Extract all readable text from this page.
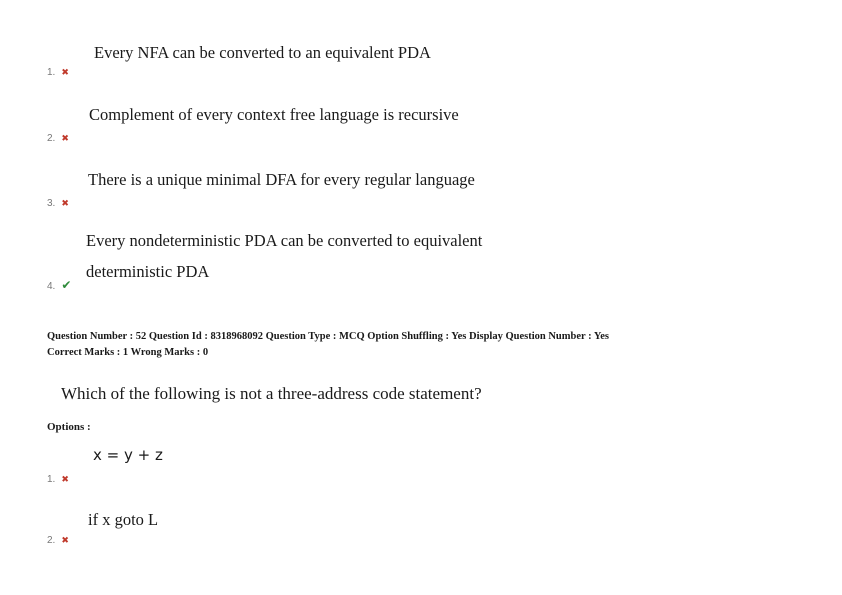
Every NFA can be converted to an equivalent PDA
1. ✖
Complement of every context free language is recursive
2. ✖
There is a unique minimal DFA for every regular language
3. ✖
Every nondeterministic PDA can be converted to equivalent
deterministic PDA
4. ✔
Question Number : 52 Question Id : 8318968092 Question Type : MCQ Option Shuffling : Yes Display Question Number : Yes
Correct Marks : 1 Wrong Marks : 0
Which of the following is not a three-address code statement?
Options :
x = y + z
1. ✖
if x goto L
2. ✖
